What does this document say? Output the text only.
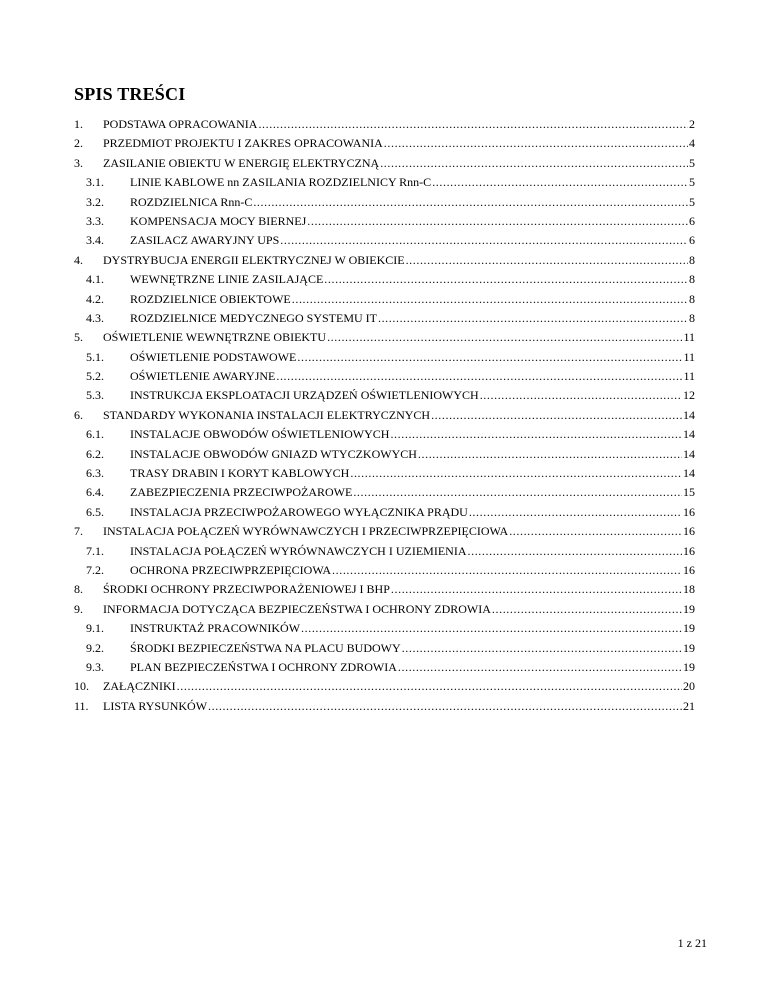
SPIS TREŚCI
1.	PODSTAWA OPRACOWANIA .....	2
2.	PRZEDMIOT PROJEKTU I ZAKRES OPRACOWANIA .....	4
3.	ZASILANIE OBIEKTU W ENERGIĘ ELEKTRYCZNĄ .....	5
3.1.	LINIE KABLOWE nn ZASILANIA ROZDZIELNICY Rnn-C .....	5
3.2.	ROZDZIELNICA Rnn-C .....	5
3.3.	KOMPENSACJA MOCY BIERNEJ .....	6
3.4.	ZASILACZ AWARYJNY UPS .....	6
4.	DYSTRYBUCJA ENERGII ELEKTRYCZNEJ W OBIEKCIE .....	8
4.1.	WEWNĘTRZNE LINIE ZASILAJĄCE .....	8
4.2.	ROZDZIELNICE OBIEKTOWE .....	8
4.3.	ROZDZIELNICE MEDYCZNEGO SYSTEMU IT .....	8
5.	OŚWIETLENIE WEWNĘTRZNE OBIEKTU .....	11
5.1.	OŚWIETLENIE PODSTAWOWE .....	11
5.2.	OŚWIETLENIE AWARYJNE .....	11
5.3.	INSTRUKCJA EKSPLOATACJI URZĄDZEŃ OŚWIETLENIOWYCH .....	12
6.	STANDARDY WYKONANIA INSTALACJI ELEKTRYCZNYCH .....	14
6.1.	INSTALACJE OBWODÓW OŚWIETLENIOWYCH .....	14
6.2.	INSTALACJE OBWODÓW GNIAZD WTYCZKOWYCH .....	14
6.3.	TRASY DRABIN I KORYT KABLOWYCH .....	14
6.4.	ZABEZPIECZENIA PRZECIWPOŻAROWE .....	15
6.5.	INSTALACJA PRZECIWPOŻAROWEGO WYŁĄCZNIKA PRĄDU .....	16
7.	INSTALACJA POŁĄCZEŃ WYRÓWNAWCZYCH I PRZECIWPRZEPIĘCIOWA .....	16
7.1.	INSTALACJA POŁĄCZEŃ WYRÓWNAWCZYCH I UZIEMIENIA .....	16
7.2.	OCHRONA PRZECIWPRZEPIĘCIOWA .....	16
8.	ŚRODKI OCHRONY PRZECIWPORAŻENIOWEJ I BHP .....	18
9.	INFORMACJA DOTYCZĄCA BEZPIECZEŃSTWA I OCHRONY ZDROWIA .....	19
9.1.	INSTRUKTAŻ PRACOWNIKÓW .....	19
9.2.	ŚRODKI BEZPIECZEŃSTWA NA PLACU BUDOWY .....	19
9.3.	PLAN BEZPIECZEŃSTWA I OCHRONY ZDROWIA .....	19
10.	ZAŁĄCZNIKI .....	20
11.	LISTA RYSUNKÓW .....	21
1 z 21
